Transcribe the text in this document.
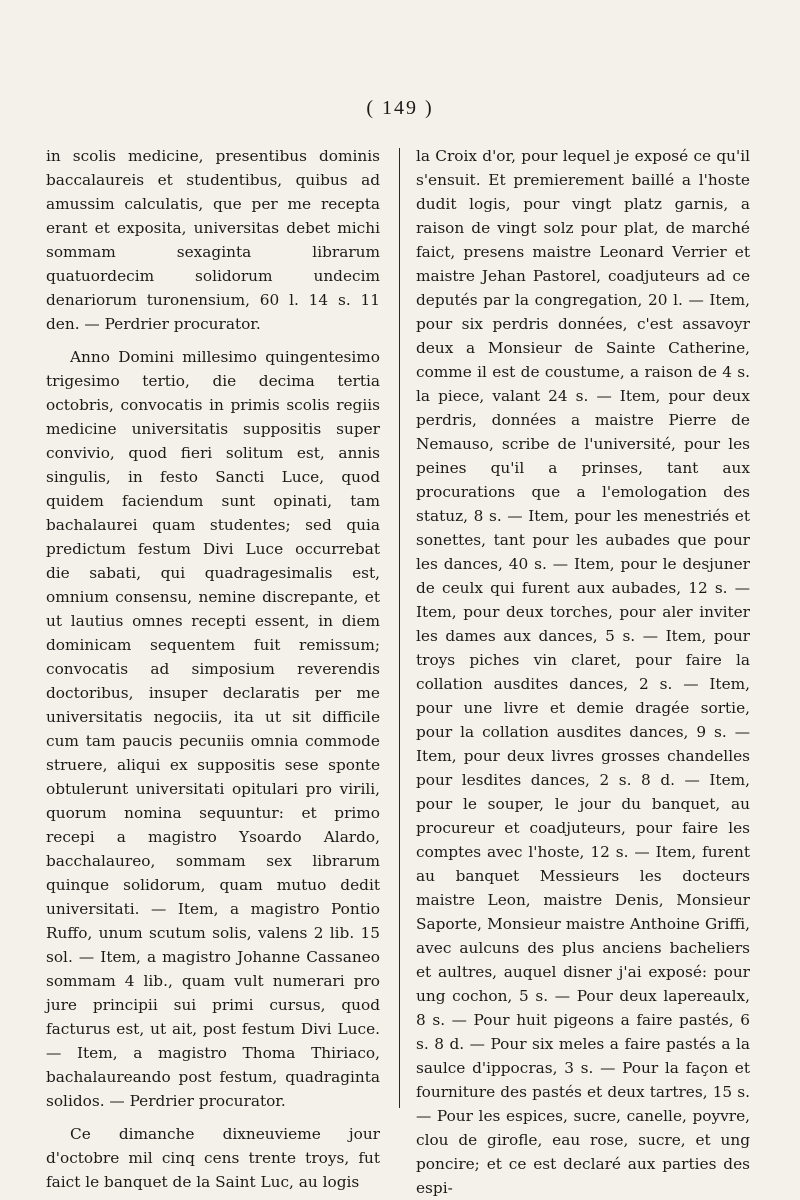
( 149 )

in scolis medicine, presentibus dominis baccalaureis et studentibus, quibus ad amussim calculatis, que per me recepta erant et exposita, universitas debet michi sommam sexaginta librarum quatuordecim solidorum undecim denariorum turonensium, 60 l. 14 s. 11 den. — Perdrier procurator.

Anno Domini millesimo quingentesimo trigesimo tertio, die decima tertia octobris, convocatis in primis scolis regiis medicine universitatis suppositis super convivio, quod fieri solitum est, annis singulis, in festo Sancti Luce, quod quidem faciendum sunt opinati, tam bachalaurei quam studentes; sed quia predictum festum Divi Luce occurrebat die sabati, qui quadragesimalis est, omnium consensu, nemine discrepante, et ut lautius omnes recepti essent, in diem dominicam sequentem fuit remissum; convocatis ad simposium reverendis doctoribus, insuper declaratis per me universitatis negociis, ita ut sit difficile cum tam paucis pecuniis omnia commode struere, aliqui ex suppositis sese sponte obtulerunt universitati opitulari pro virili, quorum nomina sequuntur: et primo recepi a magistro Ysoardo Alardo, bacchalaureo, sommam sex librarum quinque solidorum, quam mutuo dedit universitati. — Item, a magistro Pontio Ruffo, unum scutum solis, valens 2 lib. 15 sol. — Item, a magistro Johanne Cassaneo sommam 4 lib., quam vult numerari pro jure principii sui primi cursus, quod facturus est, ut ait, post festum Divi Luce. — Item, a magistro Thoma Thiriaco, bachalaureando post festum, quadraginta solidos. — Perdrier procurator.

Ce dimanche dixneuvieme jour d'octobre mil cinq cens trente troys, fut faict le banquet de la Saint Luc, au logis

la Croix d'or, pour lequel je exposé ce qu'il s'ensuit. Et premierement baillé a l'hoste dudit logis, pour vingt platz garnis, a raison de vingt solz pour plat, de marché faict, presens maistre Leonard Verrier et maistre Jehan Pastorel, coadjuteurs ad ce deputés par la congregation, 20 l. — Item, pour six perdris données, c'est assavoyr deux a Monsieur de Sainte Catherine, comme il est de coustume, a raison de 4 s. la piece, valant 24 s. — Item, pour deux perdris, données a maistre Pierre de Nemauso, scribe de l'université, pour les peines qu'il a prinses, tant aux procurations que a l'emologation des statuz, 8 s. — Item, pour les menestriés et sonettes, tant pour les aubades que pour les dances, 40 s. — Item, pour le desjuner de ceulx qui furent aux aubades, 12 s. — Item, pour deux torches, pour aler inviter les dames aux dances, 5 s. — Item, pour troys piches vin claret, pour faire la collation ausdites dances, 2 s. — Item, pour une livre et demie dragée sortie, pour la collation ausdites dances, 9 s. — Item, pour deux livres grosses chandelles pour lesdites dances, 2 s. 8 d. — Item, pour le souper, le jour du banquet, au procureur et coadjuteurs, pour faire les comptes avec l'hoste, 12 s. — Item, furent au banquet Messieurs les docteurs maistre Leon, maistre Denis, Monsieur Saporte, Monsieur maistre Anthoine Griffi, avec aulcuns des plus anciens bacheliers et aultres, auquel disner j'ai exposé: pour ung cochon, 5 s. — Pour deux lapereaulx, 8 s. — Pour huit pigeons a faire pastés, 6 s. 8 d. — Pour six meles a faire pastés a la saulce d'ippocras, 3 s. — Pour la façon et fourniture des pastés et deux tartres, 15 s. — Pour les espices, sucre, canelle, poyvre, clou de girofle, eau rose, sucre, et ung poncire; et ce est declaré aux parties des espi-
